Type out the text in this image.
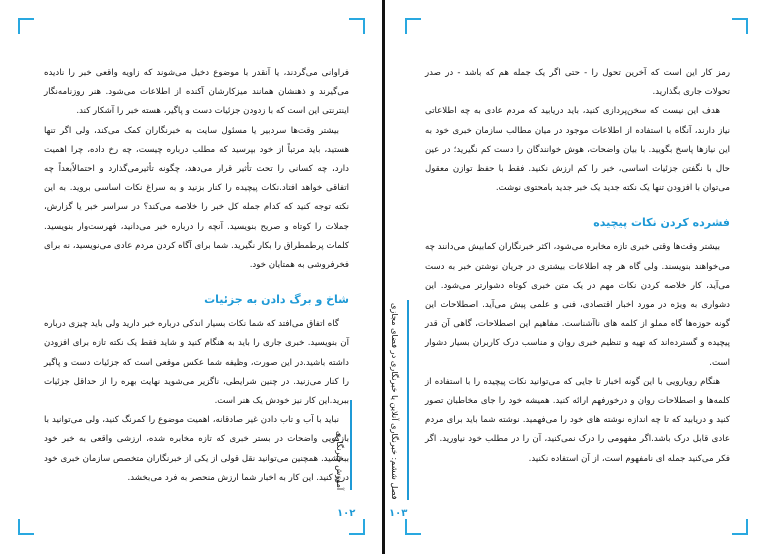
فراوانی می‌گردند، یا آنقدر با موضوع دخیل می‌شوند که زاویه واقعی خبر را نادیده می‌گیرند و ذهنشان همانند میزکارشان آکنده از اطلاعات می‌شود. هنر روزنامه‌نگار اینترنتی این است که با زدودن جزئیات دست و پاگیر، هسته خبر را آشکار کند.

بیشتر وقت‌ها سردبیر یا مسئول سایت به خبرنگاران کمک می‌کند، ولی اگر تنها هستید، باید مرتباً از خود بپرسید که مطلب درباره چیست، چه رخ داده، چرا اهمیت دارد، چه کسانی را تحت تأثیر قرار می‌دهد، چگونه تأثیرمی‌گذارد و احتمالاًبعداً چه اتفاقی خواهد افتاد.نکات پیچیده را کنار بزنید و به سراغ نکات اساسی بروید. به این نکته توجه کنید که کدام جمله کل خبر را خلاصه می‌کند؟ در سراسر خبر یا گزارش، جملات را کوتاه و صریح بنویسید. آنچه را درباره خبر می‌دانید، فهرست‌وار بنویسید. کلمات پرطمطراق را بکار نگیرید. شما برای آگاه کردن مردم عادی می‌نویسید، نه برای فخرفروشی به همتایان خود.

شاخ و برگ دادن به جزئیات

گاه اتفاق می‌افتد که شما نکات بسیار اندکی درباره خبر دارید ولی باید چیزی درباره آن بنویسید. خبری جاری را باید به هنگام کنید و شاید فقط یک نکته تازه برای افزودن داشته باشید.در این صورت، وظیفه شما عکس موقعی است که جزئیات دست و پاگیر را کنار می‌زنید. در چنین شرایطی، ناگزیر می‌شوید نهایت بهره را از حداقل جزئیات ببرید.این کار نیز خودش یک هنر است.

نباید با آب و تاب دادن غیر صادقانه، اهمیت موضوع را کمرنگ کنید، ولی می‌توانید با بازگویی واضحات در بستر خبری که تازه مخابره شده، ارزشی واقعی به خبر خود ببخشید. همچنین می‌توانید نقل قولی از یکی از خبرنگاران متخصص سازمان خبری خود درج کنید. این کار به اخبار شما ارزش منحصر به فرد می‌بخشد.

آموزش خبرنگاری
۱۰۲

رمز کار این است که آخرین تحول را - حتی اگر یک جمله هم که باشد - در صدر تحولات جاری بگذارید.

هدف این نیست که سخن‌پردازی کنید، باید دریابید که مردم عادی به چه اطلاعاتی نیاز دارند، آنگاه با استفاده از اطلاعات موجود در میان مطالب سازمان خبری خود به این نیازها پاسخ بگویید. با بیان واضحات، هوش خوانندگان را دست کم نگیرید؛ در عین حال با نگفتن جزئیات اساسی، خبر را کم ارزش نکنید. فقط با حفظ توازن معقول می‌توان با افزودن تنها یک نکته جدید یک خبر جدید بامحتوی نوشت.

فشرده کردن نکات پیچیده

بیشتر وقت‌ها وقتی خبری تازه مخابره می‌شود، اکثر خبرنگاران کمابیش می‌دانند چه می‌خواهند بنویسند. ولی گاه هر چه اطلاعات بیشتری در جریان نوشتن خبر به دست می‌آید، کار خلاصه کردن نکات مهم در یک متن خبری کوتاه دشوارتر می‌شود. این دشواری به ویژه در مورد اخبار اقتصادی، فنی و علمی پیش می‌آید. اصطلاحات این گونه حوزه‌ها گاه مملو از کلمه های ناآشناست. مفاهیم این اصطلاحات، گاهی آن قدر پیچیده و گسترده‌اند که تهیه و تنظیم خبری روان و مناسب درک کاربران بسیار دشوار است.

هنگام رویارویی با این گونه اخبار تا جایی که می‌توانید نکات پیچیده را با استفاده از کلمه‌ها و اصطلاحات روان و درخورفهم ارائه کنید. همیشه خود را جای مخاطبان تصور کنید و دریابید که تا چه اندازه نوشته های خود را می‌فهمید. نوشته شما باید برای مردم عادی قابل درک باشد.اگر مفهومی را درک نمی‌کنید، آن را در مطلب خود نیاورید. اگر فکر می‌کنید جمله ای نامفهوم است، از آن استفاده نکنید.

فصل ششم: خبرنگاری آنلاین یا خبرنگاری در فضای مجازی
۱۰۳
